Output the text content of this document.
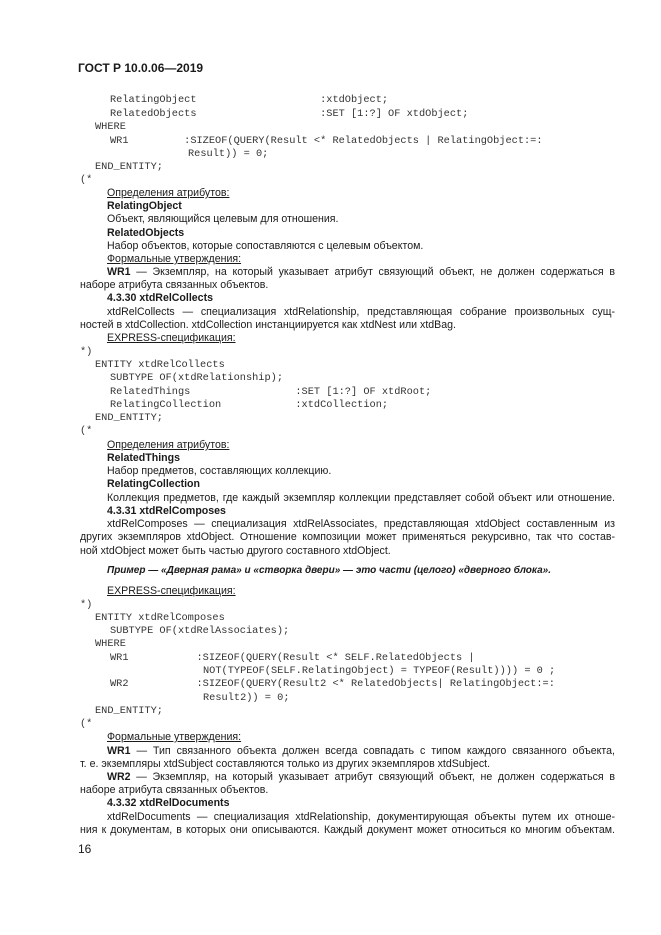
ГОСТ Р 10.0.06—2019
RelatingObject                    :xtdObject;
RelatedObjects                    :SET [1:?] OF xtdObject;
WHERE
WR1         :SIZEOF(QUERY(Result <* RelatedObjects | RelatingObject:=:
Result)) = 0;
END_ENTITY;
(*
Определения атрибутов:
RelatingObject
Объект, являющийся целевым для отношения.
RelatedObjects
Набор объектов, которые сопоставляются с целевым объектом.
Формальные утверждения:
WR1 — Экземпляр, на который указывает атрибут связующий объект, не должен содержаться в
наборе атрибута связанных объектов.
4.3.30 xtdRelCollects
xtdRelCollects — специализация xtdRelationship, представляющая собрание произвольных сущ-
ностей в xtdCollection. xtdCollection инстанциируется как xtdNest или xtdBag.
EXPRESS-спецификация:
*)
ENTITY xtdRelCollects
SUBTYPE OF(xtdRelationship);
RelatedThings                 :SET [1:?] OF xtdRoot;
RelatingCollection            :xtdCollection;
END_ENTITY;
(*
Определения атрибутов:
RelatedThings
Набор предметов, составляющих коллекцию.
RelatingCollection
Коллекция предметов, где каждый экземпляр коллекции представляет собой объект или отношение.
4.3.31 xtdRelComposes
xtdRelComposes — специализация xtdRelAssociates, представляющая xtdObject составленным из
других экземпляров xtdObject. Отношение композиции может применяться рекурсивно, так что состав-
ной xtdObject может быть частью другого составного xtdObject.
Пример — «Дверная рама» и «створка двери» — это части (целого) «дверного блока».
EXPRESS-спецификация:
*)
ENTITY xtdRelComposes
SUBTYPE OF(xtdRelAssociates);
WHERE
WR1           :SIZEOF(QUERY(Result <* SELF.RelatedObjects |
NOT(TYPEOF(SELF.RelatingObject) = TYPEOF(Result)))) = 0 ;
WR2           :SIZEOF(QUERY(Result2 <* RelatedObjects| RelatingObject:=:
Result2)) = 0;
END_ENTITY;
(*
Формальные утверждения:
WR1 — Тип связанного объекта должен всегда совпадать с типом каждого связанного объекта,
т. е. экземпляры xtdSubject составляются только из других экземпляров xtdSubject.
WR2 — Экземпляр, на который указывает атрибут связующий объект, не должен содержаться в
наборе атрибута связанных объектов.
4.3.32 xtdRelDocuments
xtdRelDocuments — специализация xtdRelationship, документирующая объекты путем их отноше-
ния к документам, в которых они описываются. Каждый документ может относиться ко многим объектам.
16
